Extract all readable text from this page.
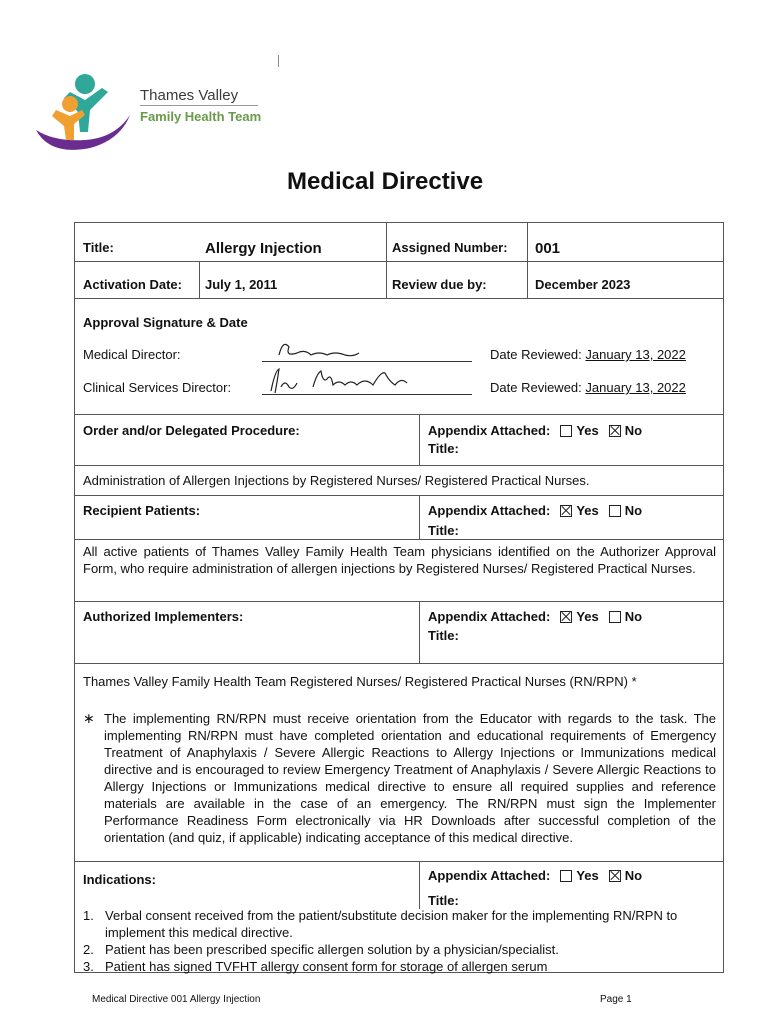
Thames Valley
Family Health Team
Medical Directive
Title:	Allergy Injection	Assigned Number: 001
Activation Date: July 1, 2011	Review due by:	December 2023
Approval Signature & Date
Medical Director:	Date Reviewed: January 13, 2022
Clinical Services Director:	Date Reviewed: January 13, 2022
Order and/or Delegated Procedure:	Appendix Attached: Yes No
Title:
Administration of Allergen Injections by Registered Nurses/ Registered Practical Nurses.
Recipient Patients:	Appendix Attached: Yes No
Title:
All active patients of Thames Valley Family Health Team physicians identified on the Authorizer Approval Form, who require administration of allergen injections by Registered Nurses/ Registered Practical Nurses.
Authorized Implementers:	Appendix Attached: Yes No
Title:
Thames Valley Family Health Team Registered Nurses/ Registered Practical Nurses (RN/RPN) *
∗ The implementing RN/RPN must receive orientation from the Educator with regards to the task. The implementing RN/RPN must have completed orientation and educational requirements of Emergency Treatment of Anaphylaxis / Severe Allergic Reactions to Allergy Injections or Immunizations medical directive and is encouraged to review Emergency Treatment of Anaphylaxis / Severe Allergic Reactions to Allergy Injections or Immunizations medical directive to ensure all required supplies and reference materials are available in the case of an emergency. The RN/RPN must sign the Implementer Performance Readiness Form electronically via HR Downloads after successful completion of the orientation (and quiz, if applicable) indicating acceptance of this medical directive.
Indications:	Appendix Attached: Yes No
Title:
1. Verbal consent received from the patient/substitute decision maker for the implementing RN/RPN to implement this medical directive.
2. Patient has been prescribed specific allergen solution by a physician/specialist.
3. Patient has signed TVFHT allergy consent form for storage of allergen serum
Medical Directive 001 Allergy Injection	Page 1
